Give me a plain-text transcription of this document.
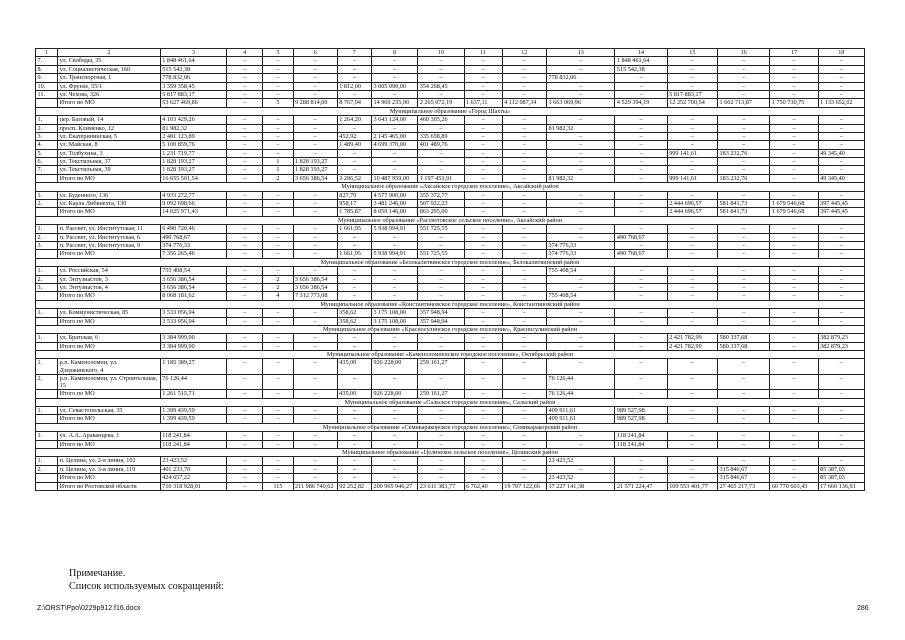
1	2	3	4	5	6	7	8	10	11	12	13	14	15	16	17	18
7.	ул. Свободы, 35	1 848 461,64	–	–	–	–	–	–	–	–	–	1 848 461,64	–	–	–	–
8.	ул. Социалистическая, 160	515 542,38	–	–	–	–	–	–	–	–	–	515 542,38	–	–	–	–
9.	ул. Транспортная, 1	778 832,06	–	–	–	–	–	–	–	–	778 832,06	–	–	–	–	–
10.	ул. Фрунзе, 55/1	3 359 358,45	–	–	–	1 812,00	3 005 090,00	354 268,45	–	–	–	–	–	–	–	–
11.	ул. Чехова, 326	5 817 883,17	–	–	–	–	–	–	–	–	–	–	5 817 883,17	–	–	–
	Итого по МО	53 627 469,86	–	5	9 288 814,00	8 767,94	14 969 235,00	2 265 072,19	1 637,11	4 112 087,34	1 663 069,96	4 529 394,19	12 252 700,54	1 662 713,87	1 750 730,75	1 133 652,02
Муниципальное образование «Город Шахты»																
1.	пер. Базовый, 14	4 103 429,26	–	–	–	1 264,20	3 643 124,00	460 305,26	–	–	–	–	–	–	–	–
2.	просп. Клименко, 12	81 982,32	–	–	–	–	–	–	–	–	81 982,32	–	–	–	–	–
3.	ул. Екатерининская, 5	2 481 123,89	–	–	–	452,92	2 145 465,00	335 658,89	–	–	–	–	–	–	–	–
4.	ул. Майская, 8	5 100 859,76	–	–	–	1 489,40	4 699 370,00	401 489,76	–	–	–	–	–	–	–	–
5.	ул. Толбухина, 3	1 231 719,77	–	–	–	–	–	–	–	–	–	–	999 141,61	183 232,76	–	49 345,40
6.	ул. Текстильная, 37	1 828 193,27	–	1	1 828 193,27	–	–	–	–	–	–	–	–	–	–	–
7.	ул. Текстильная, 39	1 828 193,27	–	1	1 828 193,27	–	–	–	–	–	–	–	–	–	–	–
	Итого по МО	16 655 501,54	–	2	3 656 386,54	3 206,52	10 487 959,00	1 197 453,91	–	–	81 982,32	–	999 141,61	183 232,76	–	49 345,40
Муниципальное образование «Аксайское городское поселение», Аксайский район																
1.	ул. Буденного, 136	4 933 272,77	–	–	–	827,70	4 577 900,00	355 372,77	–	–	–	–	–	–	–	–
2.	ул. Карла Либкнехта, 130	9 092 698,66	–	–	–	958,17	3 481 246,00	507 922,23	–	–	–	–	2 444 696,57	581 841,73	1 679 546,68	397 445,45
	Итого по МО	14 025 971,43	–	–	–	1 785,87	8 059 146,00	863 295,00	–	–	–	–	2 444 696,57	581 841,73	1 679 546,68	397 445,45
Муниципальное образование «Рассветовское сельское поселение», Аксайский район																
1.	п. Рассвет, ул. Институтская, 11	6 490 720,46	–	–	–	1 661,95	5 938 994,91	551 725,55	–	–	–	–	–	–	–	–
2.	п. Рассвет, ул. Институтская, 6	490 768,67	–	–	–	–	–	–	–	–	–	490 768,67	–	–	–	–
3.	п. Рассвет, ул. Институтская, 9	374 776,33	–	–	–	–	–	–	–	–	374 776,33	–	–	–	–	–
	Итого по МО	7 356 265,46	–	–	–	1 661,95	5 938 994,91	551 725,55	–	–	374 776,33	490 768,67	–	–	–	–
Муниципальное образование «Белокалитвинское городское поселение», Белокалитвинский район																
1.	ул. Российская, 54	755 408,54	–	–	–	–	–	–	–	–	755 408,54	–	–	–	–	–
2.	ул. Энтузиастов, 3	3 656 386,54	–	2	3 656 386,54	–	–	–	–	–	–	–	–	–	–	–
3.	ул. Энтузиастов, 4	3 656 386,54	–	2	3 656 386,54	–	–	–	–	–	–	–	–	–	–	–
	Итого по МО	8 068 181,62	–	4	7 312 773,08	–	–	–	–	–	755 408,54	–	–	–	–	–
Муниципальное образование «Константиновское городское поселение», Константиновский район																
1.	ул. Коммунистическая, 85	3 533 056,94	–	–	–	358,62	3 175 108,00	357 948,94	–	–	–	–	–	–	–	–
	Итого по МО	3 533 056,94	–	–	–	358,62	3 175 108,00	357 948,94	–	–	–	–	–	–	–	–
Муниципальное образование «Красносулинское городское поселение», Красносулинский район																
1.	ул. Братская, 6	3 384 999,90	–	–	–	–	–	–	–	–	–	–	2 421 782,99	580 337,68	–	382 879,23
	Итого по МО	3 384 999,90	–	–	–	–	–	–	–	–	–	–	2 421 782,99	580 337,68	–	382 879,23
Муниципальное образование «Каменоломненское городское поселение», Октябрьский район																
1.	р.п. Каменоломни, ул. Дзержинского, 4	1 185 389,27	–	–	–	435,00	926 228,00	259 161,27	–	–	–	–	–	–	–	–
2.	р.п. Каменоломни, ул. Строительная, 15	76 126,44	–	–	–	–	–	–	–	–	76 126,44	–	–	–	–	–
	Итого по МО	1 261 515,71	–	–	–	435,00	926 228,00	259 161,27	–	–	76 126,44	–	–	–	–	–
Муниципальное образование «Сальское городское поселение», Сальский район																
1.	ул. Севастопольская, 35	1 399 439,59	–	–	–	–	–	–	–	–	409 911,61	989 527,98	–	–	–	–
	Итого по МО	1 399 439,59	–	–	–	–	–	–	–	–	409 911,61	989 527,98	–	–	–	–
Муниципальное образование «Семикаракорское городское поселение», Семикаракорский район																
1.	ул. А.А. Араканцева, 1	118 241,84	–	–	–	–	–	–	–	–	–	118 241,84	–	–	–	–
	Итого по МО	118 241,84	–	–	–	–	–	–	–	–	–	118 241,84	–	–	–	–
Муниципальное образование «Целинское сельское поселение», Целинский район																
1.	п. Целина, ул. 2-я линия, 102	23 423,52	–	–	–	–	–	–	–	–	23 423,52	–	–	–	–	–
2.	п. Целина, ул. 3-я линия, 119	401 233,70	–	–	–	–	–	–	–	–	–	–	–	315 846,67	–	85 387,03
	Итого по МО	424 657,22	–	–	–	–	–	–	–	–	23 423,52	–	–	315 846,67	–	85 387,03
	Итого по Ростовской области	710 318 928,01	–	115	211 986 740,62	92 252,82	200 965 946,27	23 611 383,77	6 762,40	19 707 122,66	17 227 141,38	21 571 224,47	109 553 401,77	27 465 217,73	60 770 603,43	17 660 136,91
Примечание.
Список используемых сокращений:
Z:\ORST\Ppo\0229p912.f16.docx	286
